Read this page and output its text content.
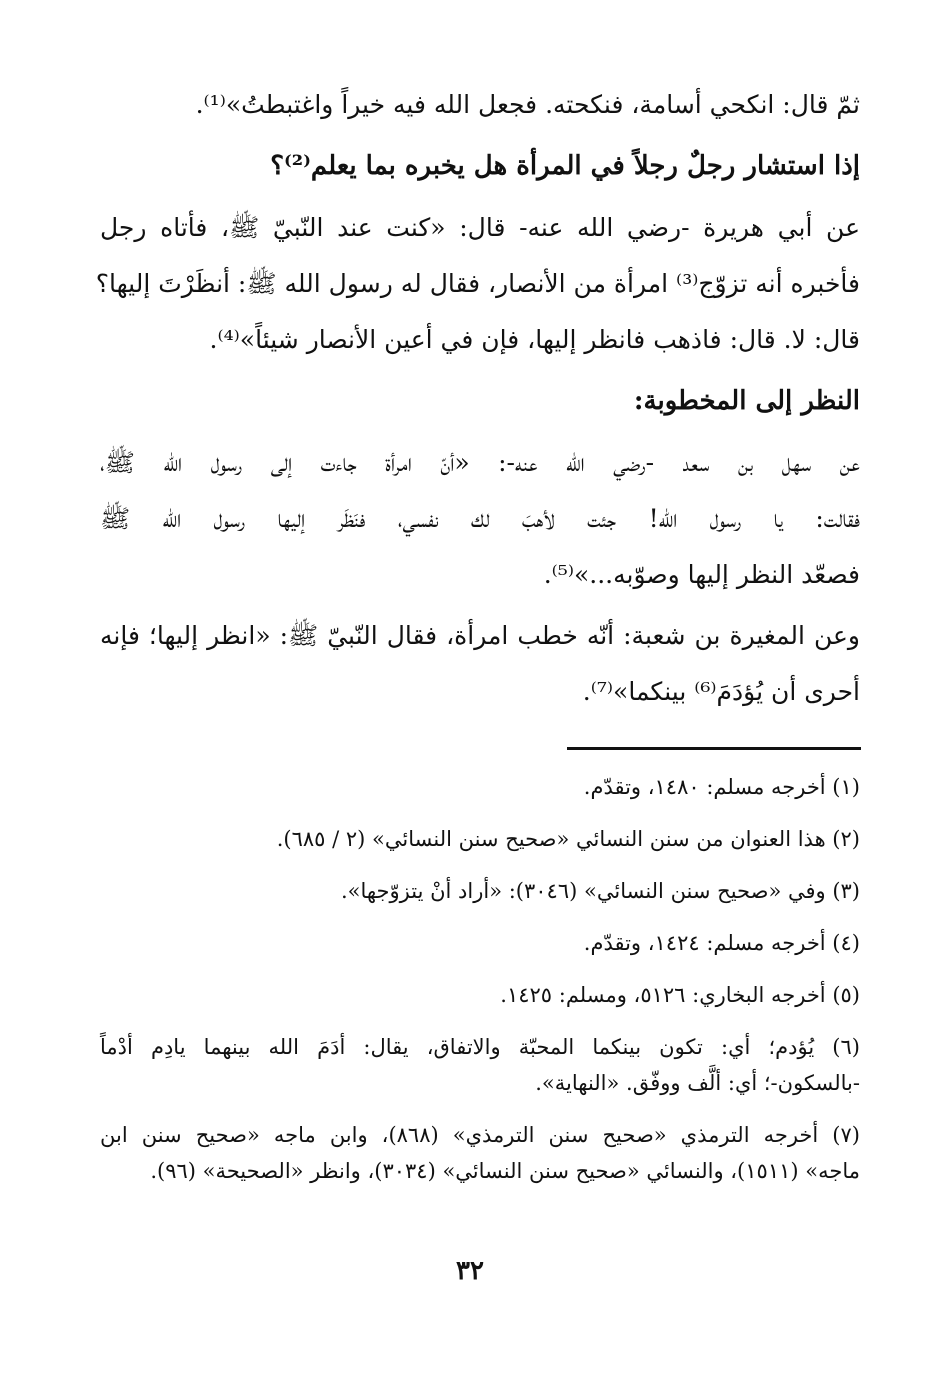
ثمّ قال: انكحي أسامة، فنكحته. فجعل الله فيه خيراً واغتبطتُ»⁽¹⁾.

إذا استشار رجلٌ رجلاً في المرأة هل يخبره بما يعلم⁽²⁾؟

عن أبي هريرة -رضي الله عنه- قال: «كنت عند النّبيّ ﷺ، فأتاه رجل

فأخبره أنه تزوّج⁽³⁾ امرأة من الأنصار، فقال له رسول الله ﷺ: أنظَرْتَ إليها؟

قال: لا. قال: فاذهب فانظر إليها، فإن في أعين الأنصار شيئاً»⁽⁴⁾.

النظر إلى المخطوبة:

عن سهل بن سعد -رضي الله عنه-: «أنّ امرأة جاءت إلى رسول الله ﷺ،

فقالت: يا رسول الله! جئت لأهبَ لك نفسي، فنَظَر إليها رسول الله ﷺ

فصعّد النظر إليها وصوّبه...»⁽⁵⁾.

وعن المغيرة بن شعبة: أنّه خطب امرأة، فقال النّبيّ ﷺ: «انظر إليها؛ فإنه

أحرى أن يُؤدَمَ⁽⁶⁾ بينكما»⁽⁷⁾.

(١) أخرجه مسلم: ١٤٨٠، وتقدّم.

(٢) هذا العنوان من سنن النسائي «صحيح سنن النسائي» (٢ / ٦٨٥).

(٣) وفي «صحيح سنن النسائي» (٣٠٤٦): «أراد أنْ يتزوّجها».

(٤) أخرجه مسلم: ١٤٢٤، وتقدّم.

(٥) أخرجه البخاري: ٥١٢٦، ومسلم: ١٤٢٥.

(٦) يُؤدم؛ أي: تكون بينكما المحبّة والاتفاق، يقال: أدَمَ الله بينهما يادِم أدْماً
-بالسكون-؛ أي: ألَّف ووفّق. «النهاية».

(٧) أخرجه الترمذي «صحيح سنن الترمذي» (٨٦٨)، وابن ماجه «صحيح سنن ابن
ماجه» (١٥١١)، والنسائي «صحيح سنن النسائي» (٣٠٣٤)، وانظر «الصحيحة» (٩٦).

٣٢
